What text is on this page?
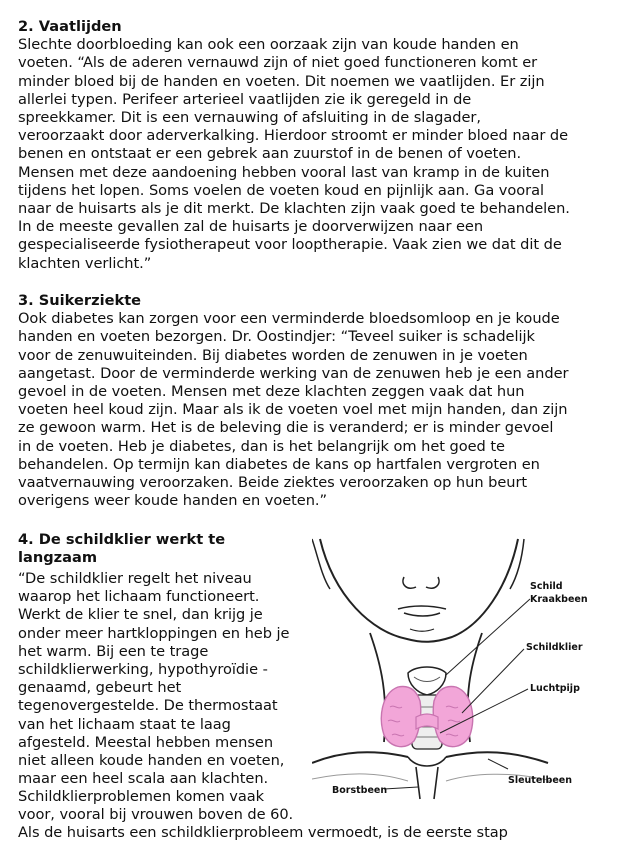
2. Vaatlijden

Slechte doorbloeding kan ook een oorzaak zijn van koude handen en voeten. “Als de aderen vernauwd zijn of niet goed functioneren komt er minder bloed bij de handen en voeten. Dit noemen we vaatlijden. Er zijn allerlei typen. Perifeer arterieel vaatlijden zie ik geregeld in de spreekkamer. Dit is een vernauwing of afsluiting in de slagader, veroorzaakt door aderverkalking. Hierdoor stroomt er minder bloed naar de benen en ontstaat er een gebrek aan zuurstof in de benen of voeten. Mensen met deze aandoening hebben vooral last van kramp in de kuiten tijdens het lopen. Soms voelen de voeten koud en pijnlijk aan. Ga vooral naar de huisarts als je dit merkt. De klachten zijn vaak goed te behandelen. In de meeste gevallen zal de huisarts je doorverwijzen naar een gespecialiseerde fysiotherapeut voor looptherapie. Vaak zien we dat dit de klachten verlicht.”

3. Suikerziekte

Ook diabetes kan zorgen voor een verminderde bloedsomloop en je koude handen en voeten bezorgen. Dr. Oostindjer: “Teveel suiker is schadelijk voor de zenuwuiteinden. Bij diabetes worden de zenuwen in je voeten aangetast. Door de verminderde werking van de zenuwen heb je een ander gevoel in de voeten. Mensen met deze klachten zeggen vaak dat hun voeten heel koud zijn. Maar als ik de voeten voel met mijn handen, dan zijn ze gewoon warm. Het is de beleving die is veranderd; er is minder gevoel in de voeten. Heb je diabetes, dan is het belangrijk om het goed te behandelen. Op termijn kan diabetes de kans op hartfalen vergroten en vaatvernauwing veroorzaken. Beide ziektes veroorzaken op hun beurt overigens weer koude handen en voeten.”

4. De schildklier werkt te langzaam

“De schildklier regelt het niveau waarop het lichaam functioneert. Werkt de klier te snel, dan krijg je onder meer hartkloppingen en heb je het warm. Bij een te trage schildklierwerking, hypothyroïdie - genaamd, gebeurt het tegenovergestelde. De thermostaat van het lichaam staat te laag afgesteld. Meestal hebben mensen niet alleen koude handen en voeten, maar een heel scala aan klachten. Schildklierproblemen komen vaak

voor, vooral bij vrouwen boven de 60.

Als de huisarts een schildklierprobleem vermoedt, is de eerste stap

Schild
Kraakbeen
Schildklier
Luchtpijp
Borstbeen
Sleutelbeen
